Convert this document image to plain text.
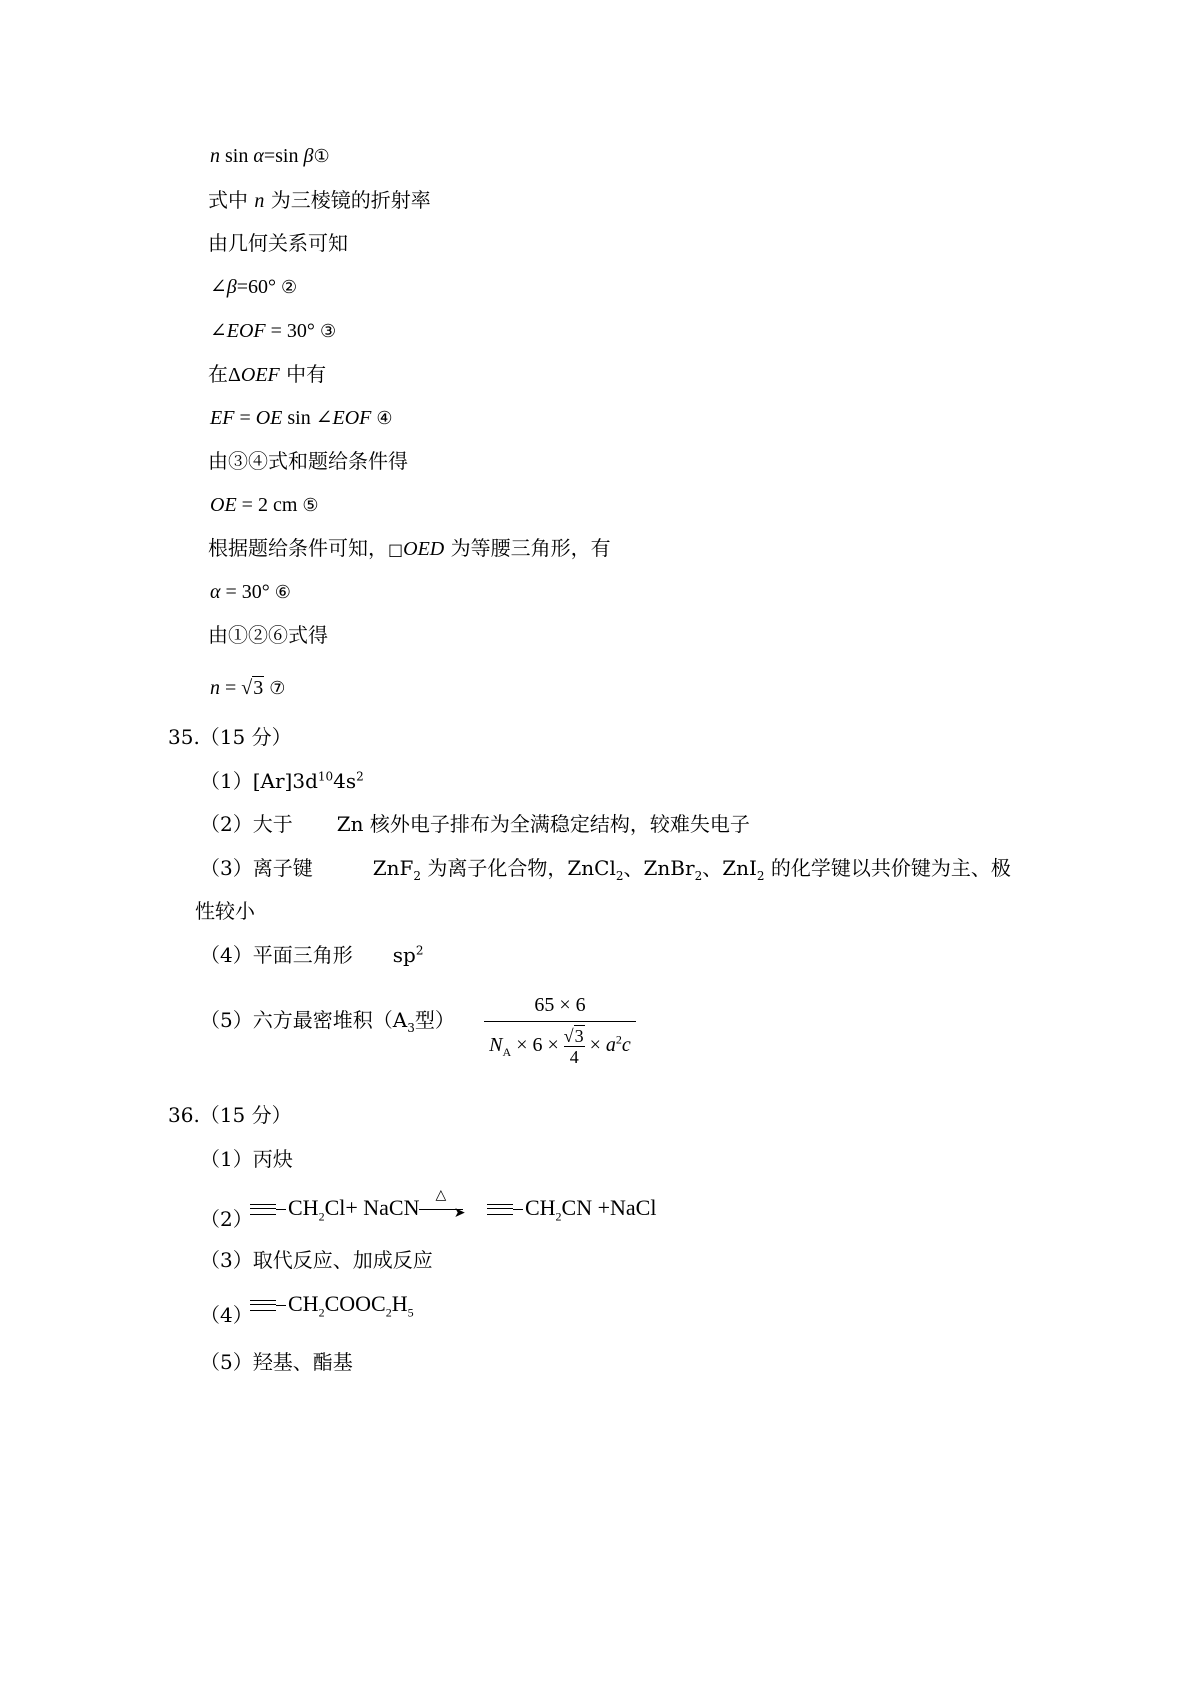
n sin α=sin β①
式中 n 为三棱镜的折射率
由几何关系可知
∠β=60° ②
∠EOF = 30° ③
在ΔOEF 中有
EF = OE sin ∠EOF ④
由③④式和题给条件得
OE = 2 cm ⑤
根据题给条件可知，□OED 为等腰三角形，有
α = 30° ⑥
由①②⑥式得
n = √3 ⑦
35.（15 分）
$(1)[Ar]3d^{10}4s^2$
（2）大于 Zn 核外电子排布为全满稳定结构，较难失电子
（3）离子键	ZnF$_2$ 为离子化合物，ZnCl$_2$、ZnBr$_2$、ZnI$_2$ 的化学键以共价键为主、极
性较小
（4）平面三角形 $sp^2$
（5）六方最密堆积（$A_3$型）
65 × 6
$N_A \times 6 \times \frac{√3}{4} \times a^2c$
36.（15 分）
（1）丙炔
（2）	$CH_2Cl+$ NaCN ➤
△	$CH_2CN$ +NaCl
（3）取代反应、加成反应
（4）	$CH_2COOC_2H_5$
（5）羟基、酯基
